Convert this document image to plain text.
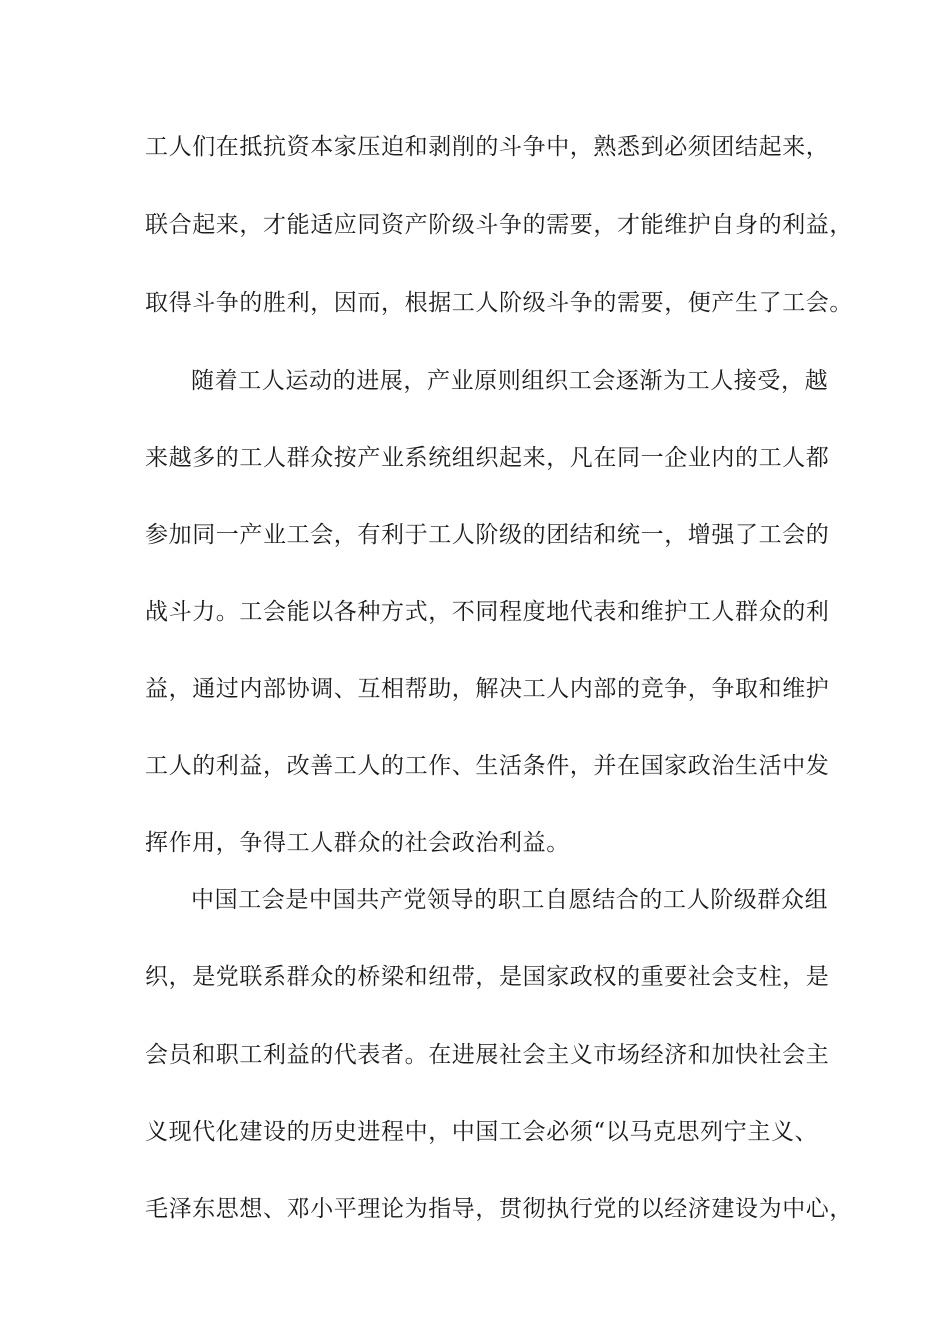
工人们在抵抗资本家压迫和剥削的斗争中，熟悉到必须团结起来，
联合起来，才能适应同资产阶级斗争的需要，才能维护自身的利益，
取得斗争的胜利，因而，根据工人阶级斗争的需要，便产生了工会。
随着工人运动的进展，产业原则组织工会逐渐为工人接受，越
来越多的工人群众按产业系统组织起来，凡在同一企业内的工人都
参加同一产业工会，有利于工人阶级的团结和统一，增强了工会的
战斗力。工会能以各种方式，不同程度地代表和维护工人群众的利
益，通过内部协调、互相帮助，解决工人内部的竞争，争取和维护
工人的利益，改善工人的工作、生活条件，并在国家政治生活中发
挥作用，争得工人群众的社会政治利益。
中国工会是中国共产党领导的职工自愿结合的工人阶级群众组
织，是党联系群众的桥梁和纽带，是国家政权的重要社会支柱，是
会员和职工利益的代表者。在进展社会主义市场经济和加快社会主
义现代化建设的历史进程中，中国工会必须“以马克思列宁主义、
毛泽东思想、邓小平理论为指导，贯彻执行党的以经济建设为中心，
